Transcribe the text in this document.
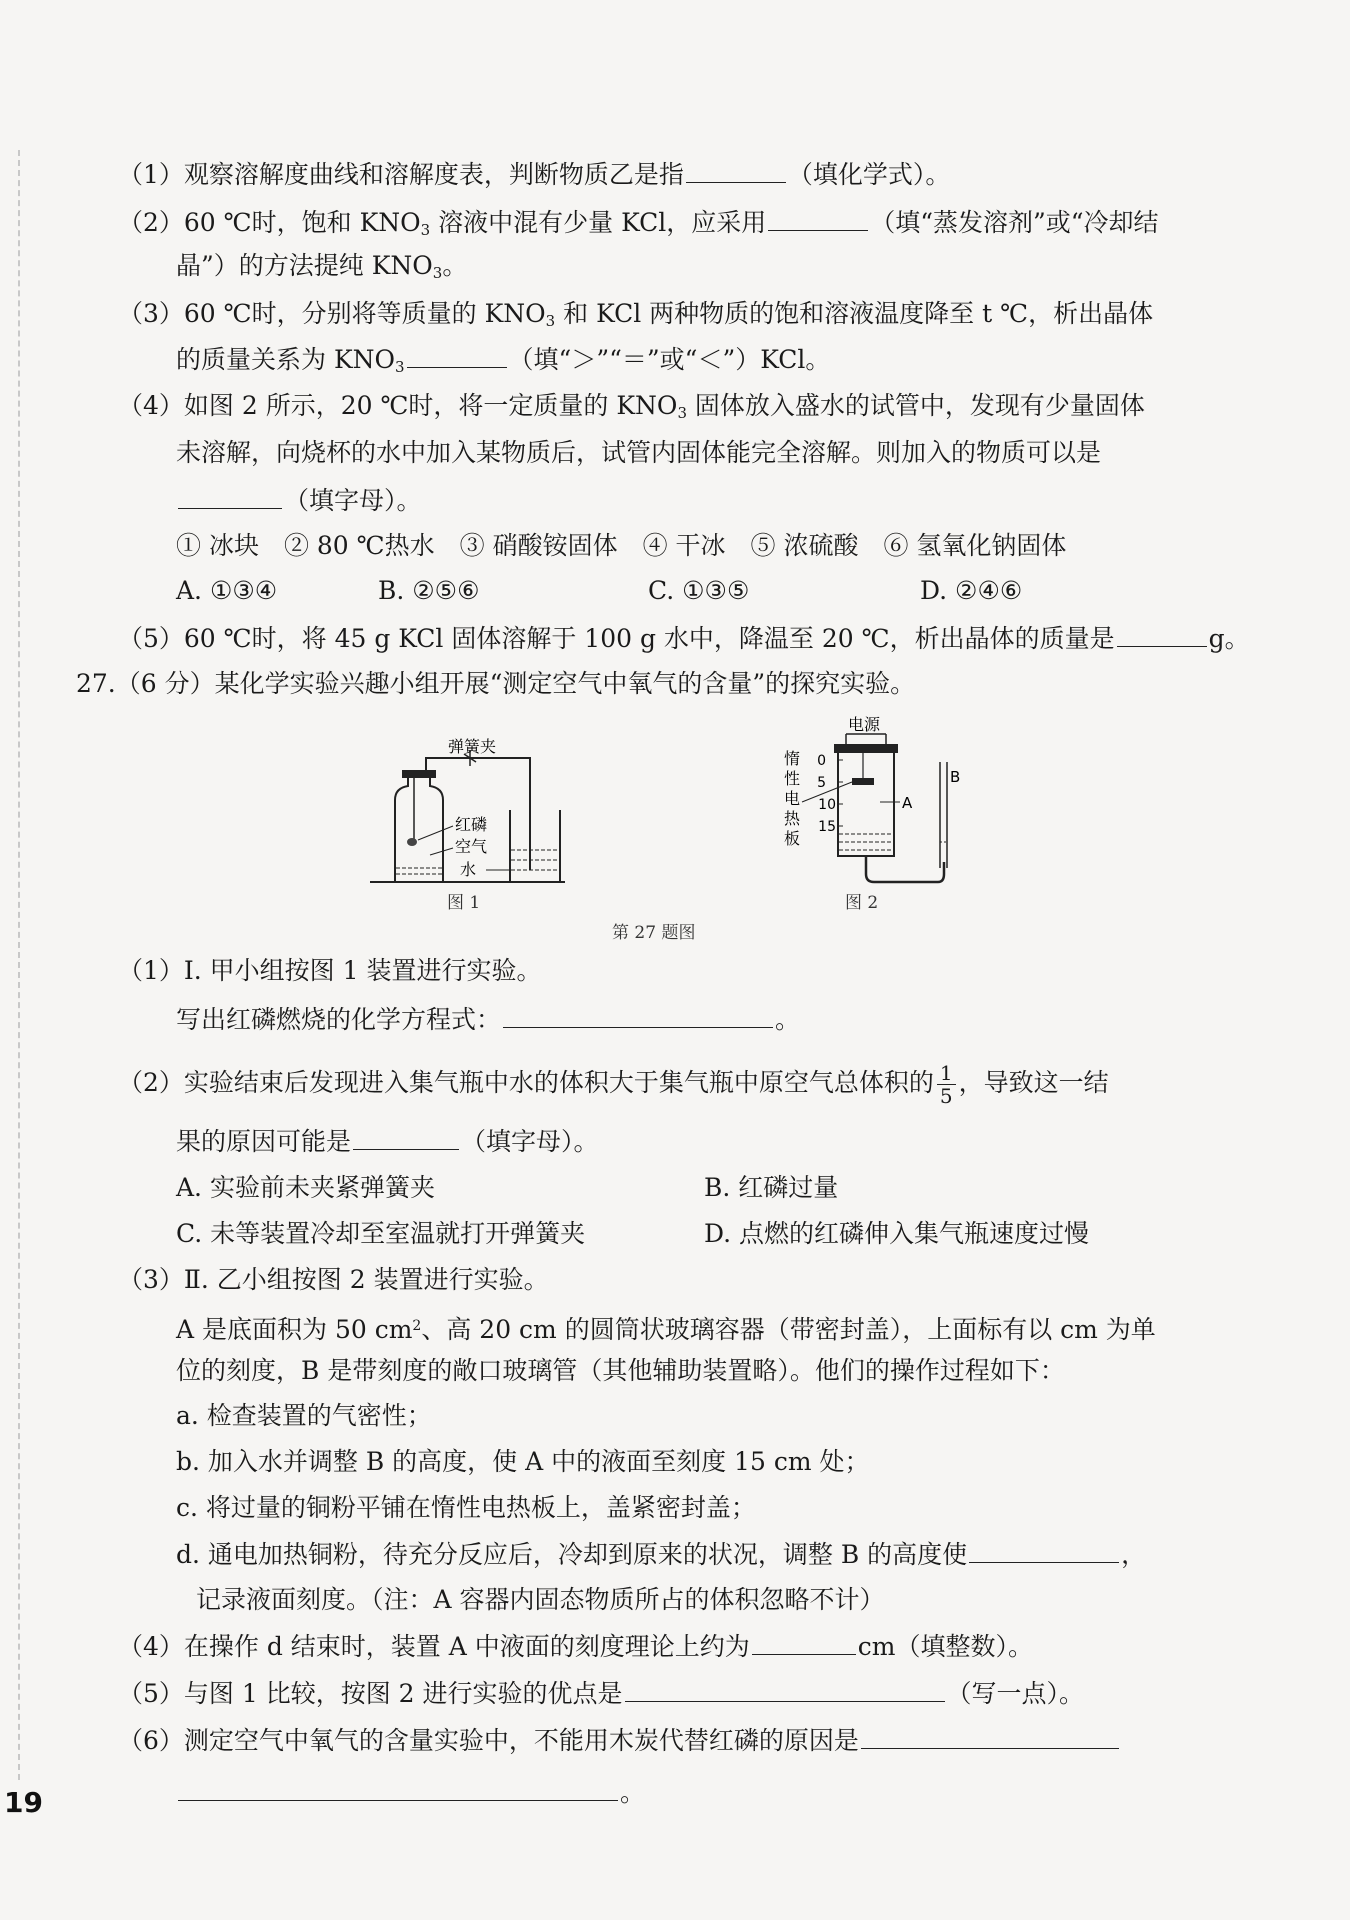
（1）观察溶解度曲线和溶解度表，判断物质乙是指	（填化学式）。
（2）60 ℃时，饱和 $KNO_3$ 溶液中混有少量 KCl，应采用	（填“蒸发溶剂”或“冷却结
晶”）的方法提纯 $KNO_3$。
（3）60 ℃时，分别将等质量的 $KNO_3$ 和 KCl 两种物质的饱和溶液温度降至 t ℃，析出晶体
的质量关系为 $KNO_3$	（填“＞”“＝”或“＜”）KCl。
（4）如图 2 所示，20 ℃时，将一定质量的 $KNO_3$ 固体放入盛水的试管中，发现有少量固体
未溶解，向烧杯的水中加入某物质后，试管内固体能完全溶解。则加入的物质可以是
（填字母）。
① 冰块　② 80 ℃热水　③ 硝酸铵固体　④ 干冰　⑤ 浓硫酸　⑥ 氢氧化钠固体
A. ①③④	B. ②⑤⑥	C. ①③⑤	D. ②④⑥
（5）60 ℃时，将 45 g KCl 固体溶解于 100 g 水中，降温至 20 ℃，析出晶体的质量是	g。
27.（6 分）某化学实验兴趣小组开展“测定空气中氧气的含量”的探究实验。
弹簧夹
红磷
空气
水
图 1
电源
0
5
10
15
惰
性
电
热
板
A
B
图 2
第 27 题图
（1）Ⅰ. 甲小组按图 1 装置进行实验。
写出红磷燃烧的化学方程式：	。
（2）实验结束后发现进入集气瓶中水的体积大于集气瓶中原空气总体积的 $\frac{1}{5}$ ，导致这一结
果的原因可能是	（填字母）。
A. 实验前未夹紧弹簧夹	B. 红磷过量
C. 未等装置冷却至室温就打开弹簧夹	D. 点燃的红磷伸入集气瓶速度过慢
（3）Ⅱ. 乙小组按图 2 装置进行实验。
A 是底面积为 50 $cm^2$、高 20 cm 的圆筒状玻璃容器（带密封盖），上面标有以 cm 为单
位的刻度，B 是带刻度的敞口玻璃管（其他辅助装置略）。他们的操作过程如下：
a. 检查装置的气密性；
b. 加入水并调整 B 的高度，使 A 中的液面至刻度 15 cm 处；
c. 将过量的铜粉平铺在惰性电热板上，盖紧密封盖；
d. 通电加热铜粉，待充分反应后，冷却到原来的状况，调整 B 的高度使	，
记录液面刻度。（注：A 容器内固态物质所占的体积忽略不计）
（4）在操作 d 结束时，装置 A 中液面的刻度理论上约为	cm（填整数）。
（5）与图 1 比较，按图 2 进行实验的优点是	（写一点）。
（6）测定空气中氧气的含量实验中，不能用木炭代替红磷的原因是
。
19
